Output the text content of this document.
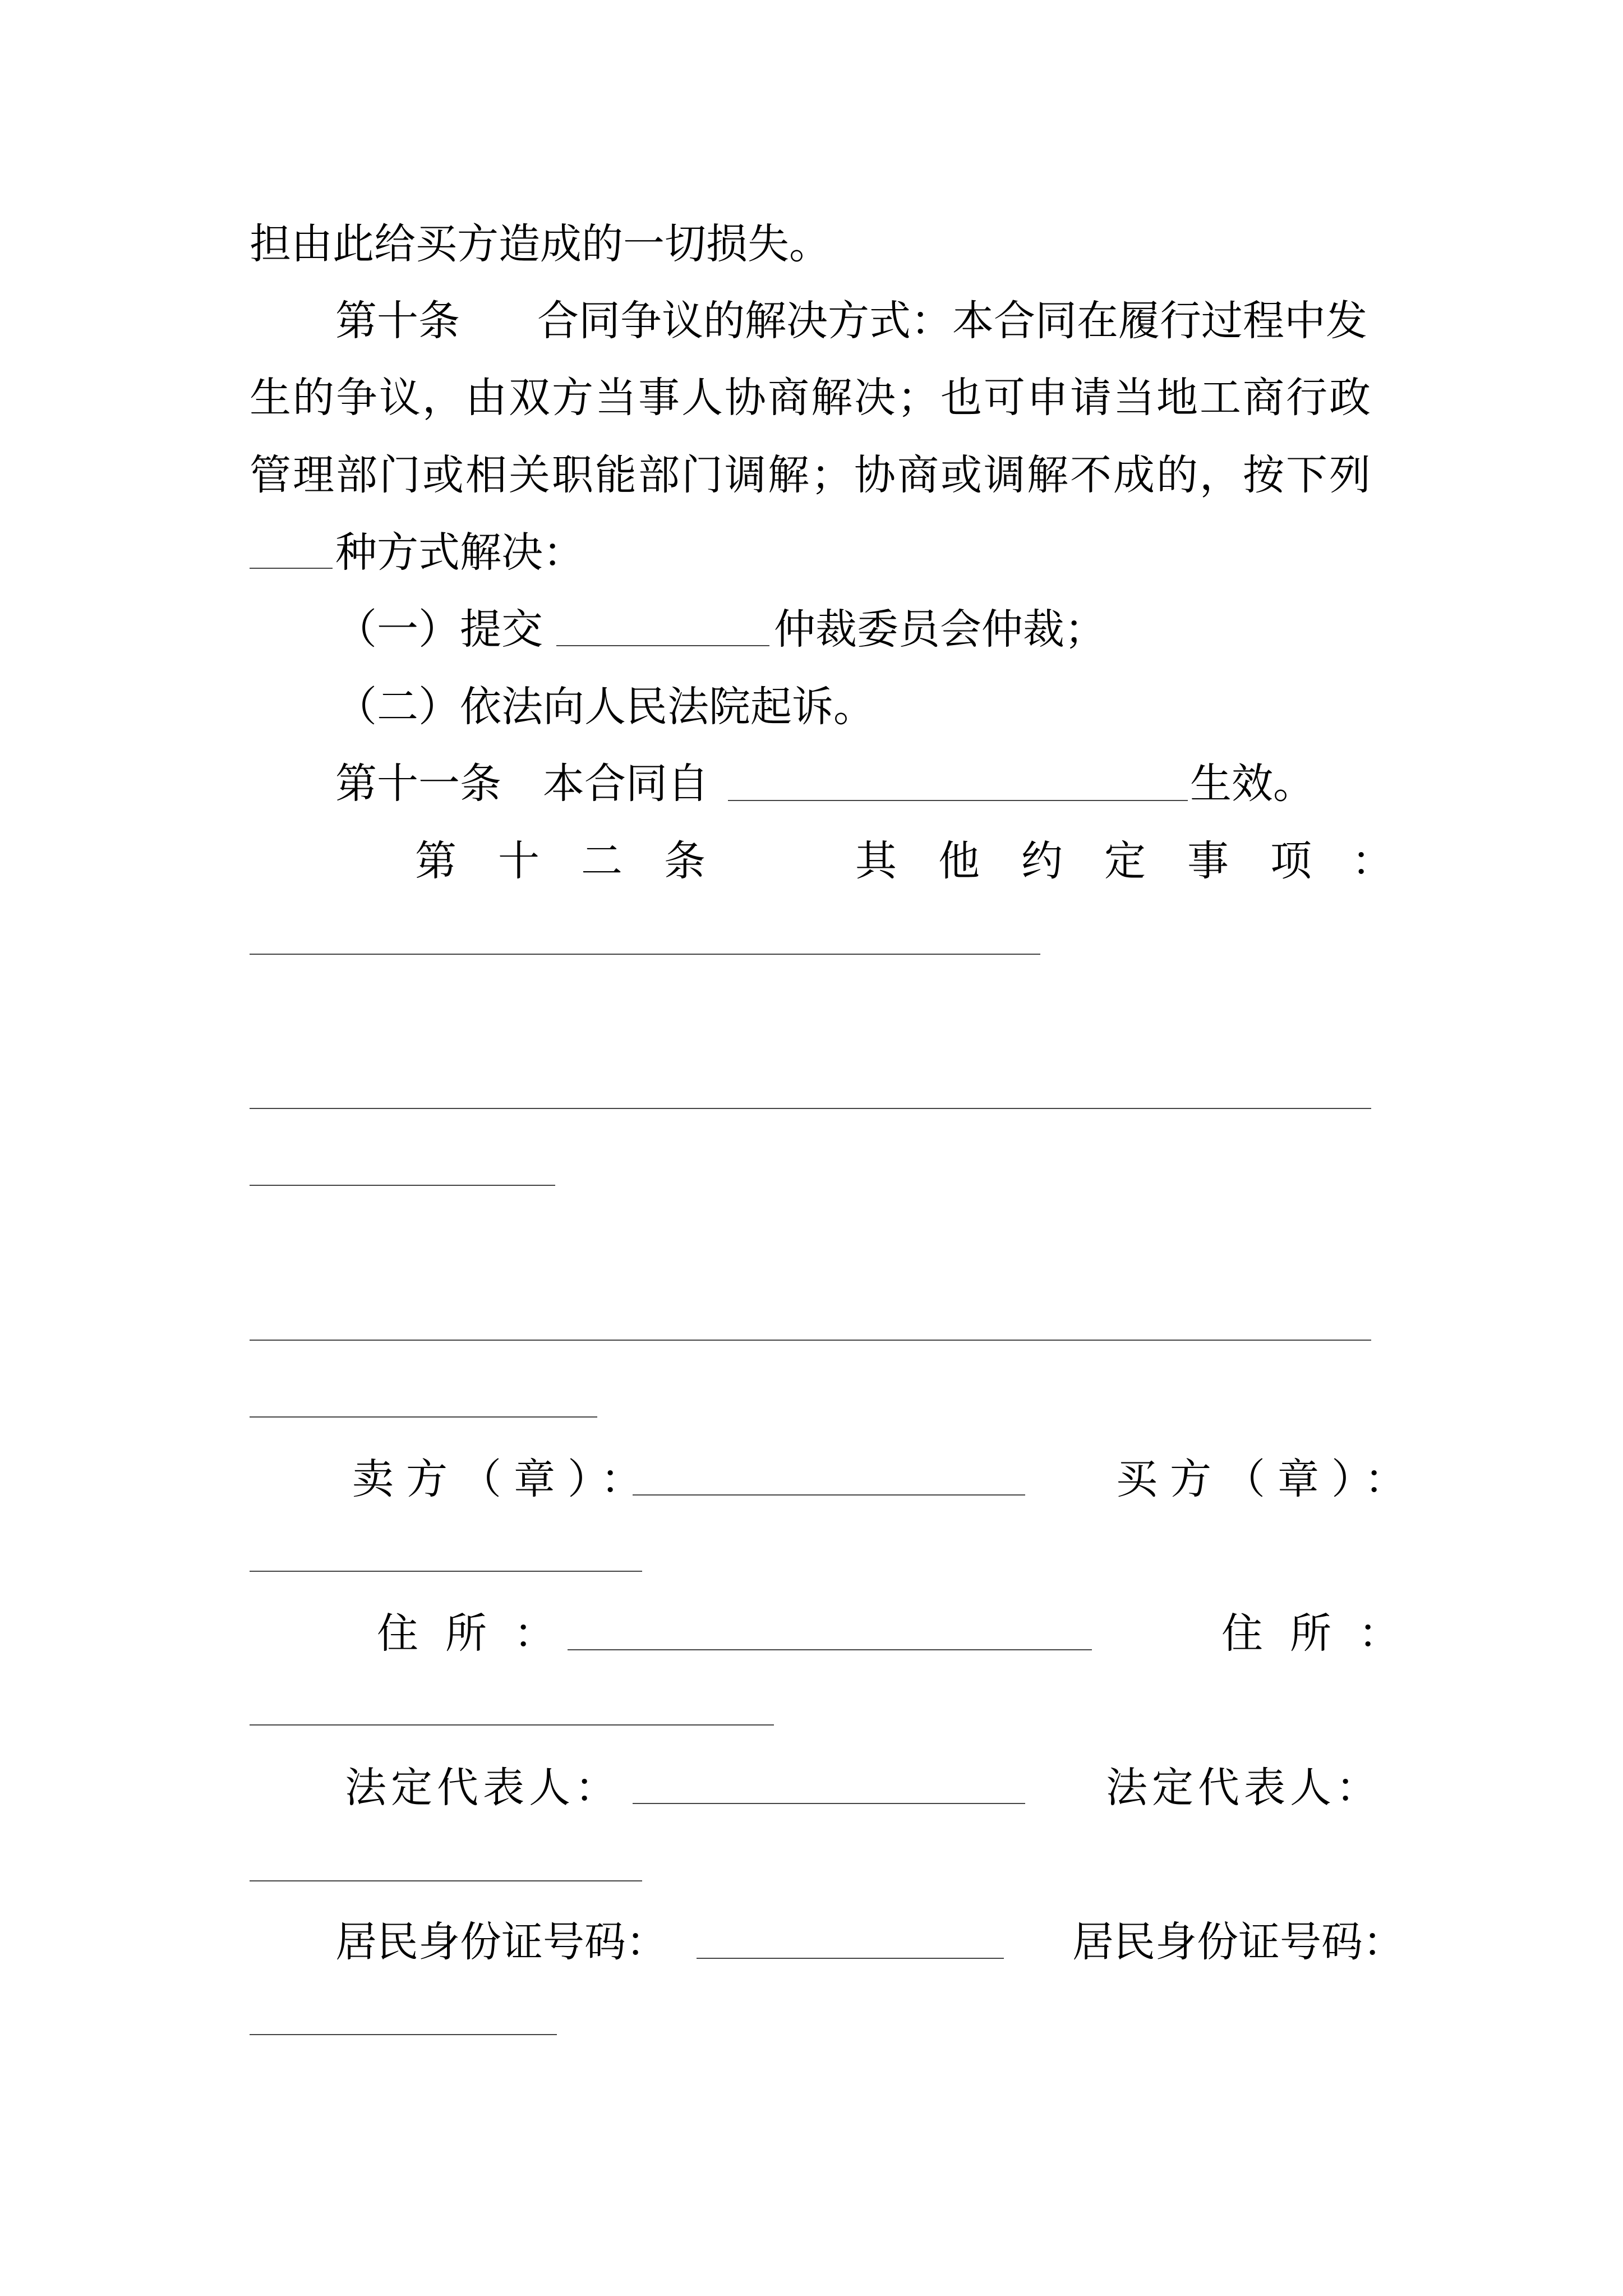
担由此给买方造成的一切损失。
第十条 合同争议的解决方式：本合同在履行过程中发
生的争议，由双方当事人协商解决；也可申请当地工商行政
管理部门或相关职能部门调解；协商或调解不成的，按下列
种方式解决：
（一）提交	仲裁委员会仲裁；
（二）依法向人民法院起诉。
第十一条　本合同自	生效。
第 十 二 条	其 他 约 定 事 项 ：
卖方（章）：	买方（章）：
住所：	住所：
法定代表人：	法定代表人：
居民身份证号码：	居民身份证号码：
